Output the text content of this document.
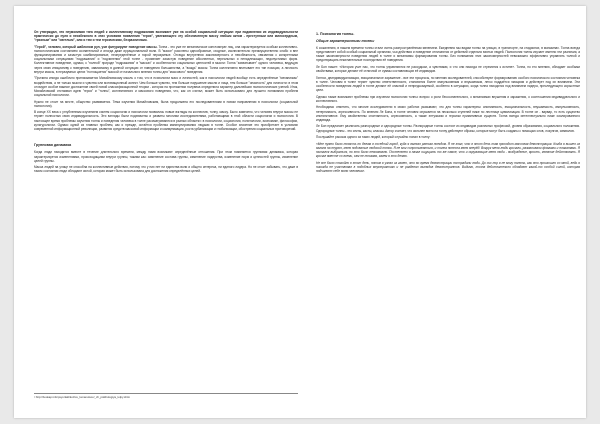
Он утверждал, что неумолимая тяга людей к коллективному подражанию возникает уже на особой социальной ситуации: при подавлении их индивидуальности практически до нуля и неизбежного в этих условиях появления "героя", увлекающего эту обезличенную массу любым актом - преступным или милосердным, "грязным" или "светлым", или и тем и тем героическим, безразличным.

"Герой", человек, который шаблоном рул, уже фигурируют поведение массы. Толпа - это уже не механическое конгломерат лиц, она характеризуется особым коллективно-психологическим состоянием сознательной и иногда даже иррациональной воли. В "массе" расслены однообразные, сходные, исключительно преимущественно слабо и вне функционирования и зачастую комбинированые, неопределённые и порой неразумные. Отсюда внутренняя закономерность и неизбежность, связанная с конкретными социальными ситуациями "подражания" и "подчинения" этой толпе - проявляет зачастую поведение абсолютных, нереальных и ненадлежащих, недопустимых форм. Коллективное поведение, однако, к "полной" природе "подражания" в "массах" и особенностях социальных ценностей в мысли: Толпа "захватывает" одного человека, ведущую через свою инициативу к поведению, зависимому в данной ситуации от поведения большинства, а "вождь" массы: Толпа коллективно впитывает его тип позиции, а личность внутри массы, в неразумных целях "поглощается" массой от начального мнения толпы для "массового" поведения.

"Причина иногда ошибочно приписывается Михайловскому мысль о том, что в психологии масс и личностей, как в психологии людей вообще есть определённые "механизмы" воздействия, а не только мысли и чувства или мотивационный аспект. Чем больше чувство, тем больше нарушение мысли и лица, тем больше "опасность" для личности: в этом он видит особое важное достижение своей новой классификационной теории - которая на протяжении полувека определила характер дальнейших психологических учений. Итак, Михайловский отстаивал идею "героя" и "толпы", коллективного и массового поведения, что, как он считал, может быть использовано для лучшего понимания проблем социальной психологии.

Нужно не стоит на месте, общество развивается. Тема изучения Михайловским, была продолжена его последователями в новом направлении в психологии (социальной психологии).

В конце XX века с углубленным изучением систем социологии и психологии появились новые взгляды на коллектив, толпу, массу. Было замечено, что человек внутри массы не теряет полностью свою индивидуальность. Эти взгляды были подхвачены и развиты многими исследователями, работающими в этой области социологии и психологии. В настоящее время проблемы изучения толпы и поведения человека в толпе рассматриваются в разных областях: в психологии, социологии, политологии, экономике, философии, культурологии. Однако одной из главных проблем, как и прежде, остаётся проблема манипулирования людьми в толпе. Особое значение это приобретает в условиях современной информационной революции, развития средств массовой информации и коммуникации, роста урбанизации и глобализации, обострения социальных противоречий.

Групповая динамика

Когда люди находятся вместе в течение длительного времени, между ними возникают определённые отношения. При этом появляется групповая динамика, которая характеризуется изменениями, происходящими внутри группы, такими как: изменение состава группы, изменение лидерства, изменение норм и ценностей группы, изменение целей группы.

Масса людей на улице не способна на коллективные действия, потому что у них нет ни единства воли и общего интереса, ни единого лидера. Но не стоит забывать, что даже в таком состоянии люди обладают силой, которая может быть использована для достижения определённых целей.

1. Психология толпы.

Общие характеристики толпы

К сожалению, в нашем времени толпы стали очень распространённым явлением. Ежедневно мы видим толпы на улицах, в транспорте, на стадионах, в магазинах. Толпа всегда представляет собой особый социальный организм, чьи действия и поведение отличаются от действий отдельно взятых людей. Психология толпы изучает именно эти различия, а также закономерности поведения людей в толпе и механизмы формирования толпы. Без понимания этих закономерностей невозможно эффективно управлять толпой и предотвращать нежелательные последствия её поведения.

Ле Бон пишет: «История учит нас, что толпы управляются не рассудком, а чувствами, и что они никогда не стремятся к истине». Толпа, по его мнению, обладает особыми свойствами, которые делают её отличной от суммы составляющих её индивидов.

Гипноз, деиндивидуализация, эмоциональное заражение - все эти процессы, по мнению исследователей, способствуют формированию особого психического состояния человека в толпе. Человек в толпе теряет чувство ответственности, становится более импульсивным и внушаемым, легко поддаётся эмоциям и действует под их влиянием. Эти особенности поведения людей в толпе делают её опасной и непредсказуемой, особенно в ситуациях, когда толпа находится под влиянием лидера, преследующего корыстные цели.

Однако также возникают проблемы при изучении психологии толпы: вопрос о роли бессознательного, о механизмах внушения и заражения, о соотношении индивидуального и коллективного.

Необходимо отметить, что многие исследователи в своих работах указывают, что для толпы характерны: анонимность, эмоциональность, внушаемость, импульсивность, нетерпимость, агрессивность. По мнению Ле Бона, в толпе человек опускается на несколько ступеней ниже по лестнице цивилизации. В толпе он - варвар, то есть существо инстинктивное. Ему свойственны спонтанность, агрессивность, а также энтузиазм и героизм примитивных существ. Толпа всегда интеллектуально ниже изолированного индивида.

Ле Бон предлагает различать разнородные и однородные толпы. Разнородные толпы состоят из индивидов различных профессий, уровня образования, социального положения. Однородные толпы - это секты, касты, классы. Автор считает, что сильнее всего на толпу действуют образы, которые могут быть созданы с помощью слов, лозунгов, символов.

Послушайте рассказ одного из таких людей, который случайно попал в толпу:

«Мне нужно было попасть по делам в соседний город, куда я выехал ранним поездом. Я не знал, что в этот день там проходит массовая демонстрация. Когда я вышел из вагона на перрон, меня подхватил людской поток. Я не мог сопротивляться, и толпа понесла меня вперёд. Вокруг меня люди кричали, размахивали флагами и плакатами. Я пытался выбраться, но это было невозможно. Постепенно я начал ощущать то же самое, что и окружающие меня люди - возбуждение, ярость, желание действовать. Я кричал вместе со всеми, сам не понимая, зачем я это делаю.

Не все было спокойно в этот день, потом я узнал из газет, что во время демонстрации пострадали люди. До сих пор я не могу понять, как это произошло со мной, ведь я никогда не участвовал в подобных мероприятиях и не разделял взглядов демонстрантов. Видимо, толпа действительно обладает какой-то особой силой, которая подчиняет себе волю человека».

¹ http://bookap.info/psyonlab/kozlov_lomanutsov/_ch_psikhologiya_tolpy.shtm
